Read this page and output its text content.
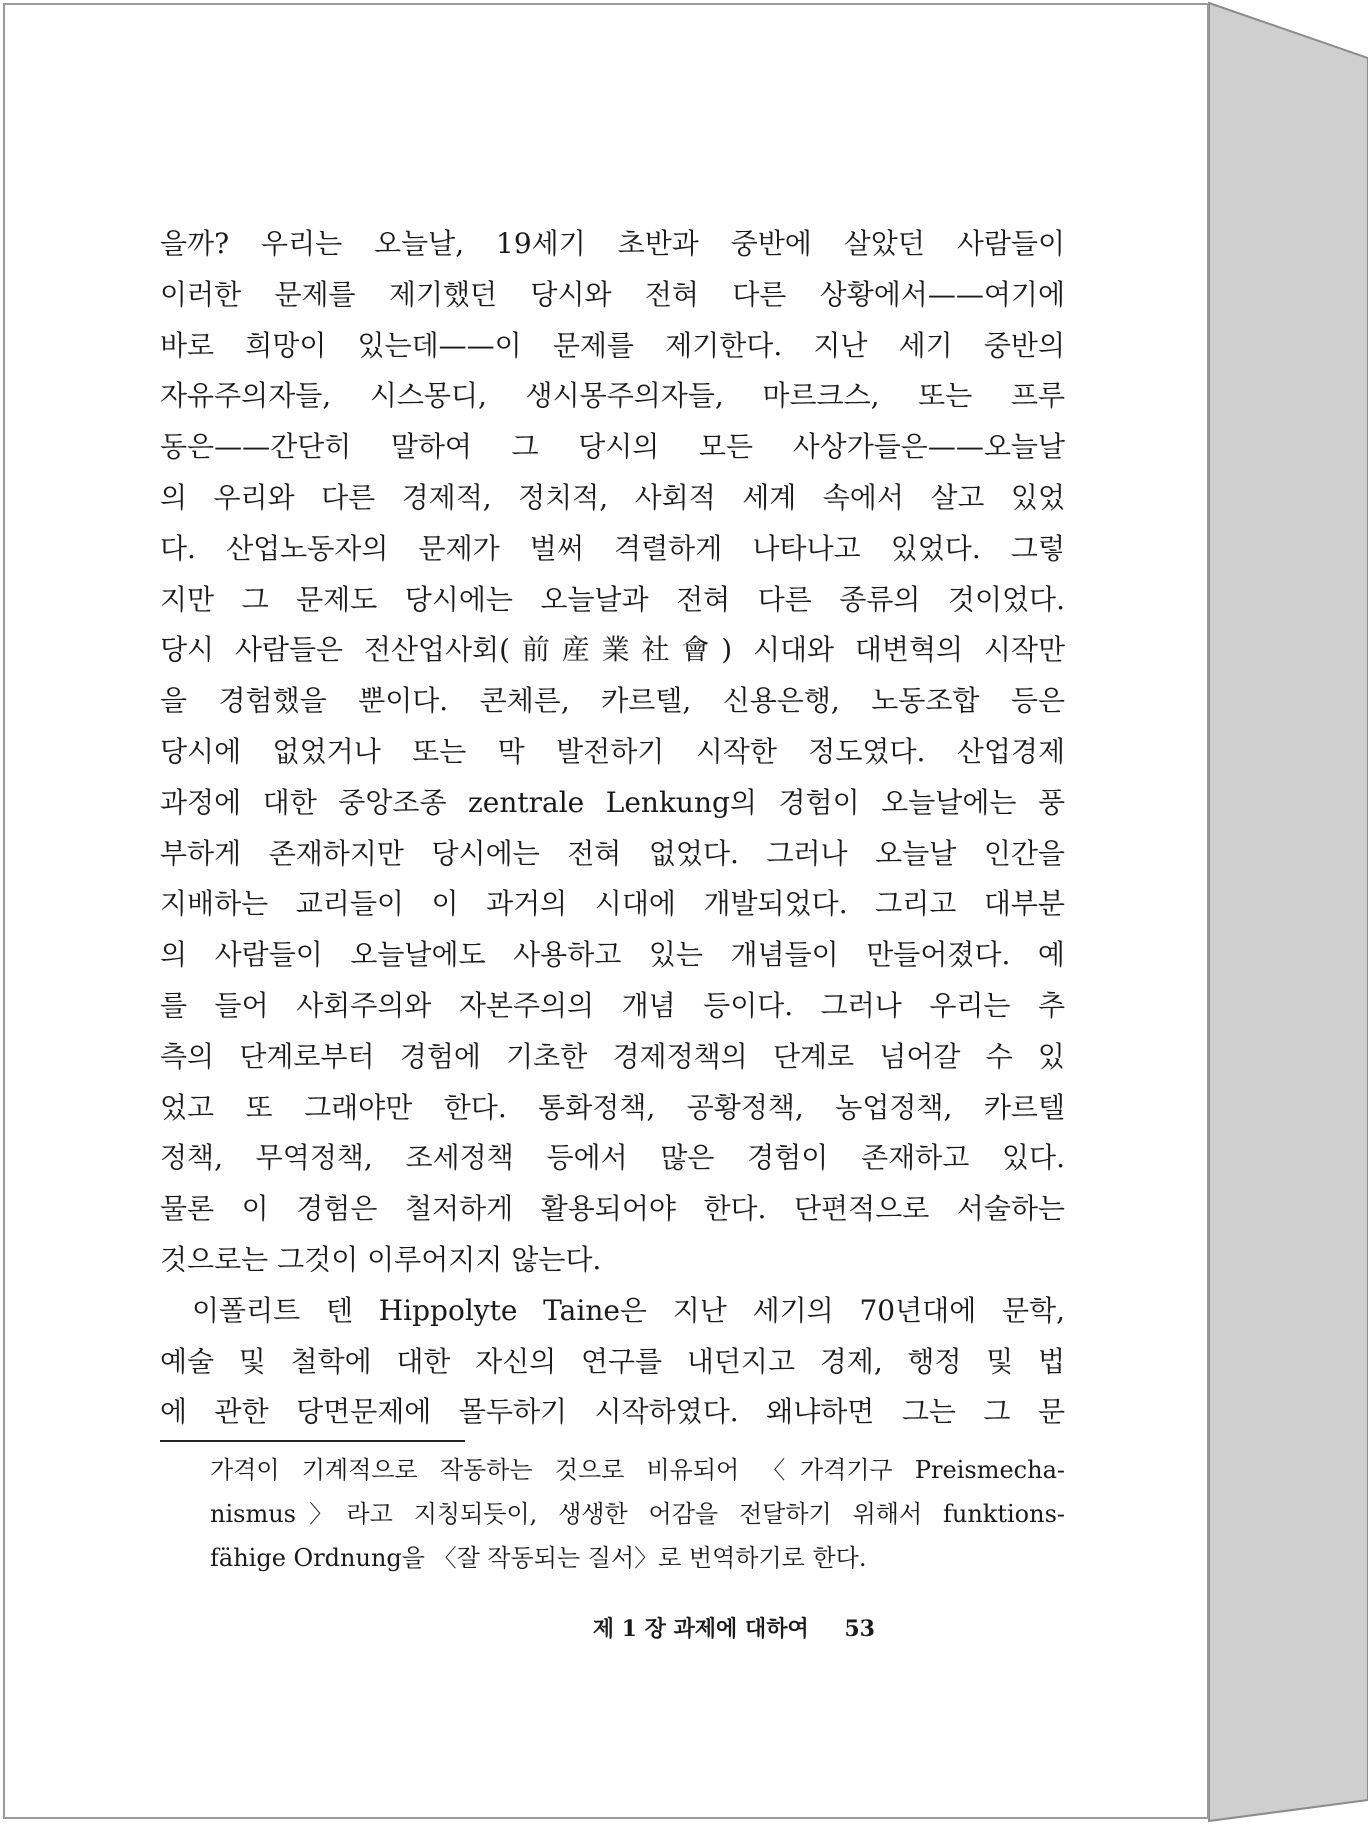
을까? 우리는 오늘날, 19세기 초반과 중반에 살았던 사람들이
이러한 문제를 제기했던 당시와 전혀 다른 상황에서——여기에
바로 희망이 있는데——이 문제를 제기한다. 지난 세기 중반의
자유주의자들, 시스몽디, 생시몽주의자들, 마르크스, 또는 프루
동은——간단히 말하여 그 당시의 모든 사상가들은——오늘날
의 우리와 다른 경제적, 정치적, 사회적 세계 속에서 살고 있었
다. 산업노동자의 문제가 벌써 격렬하게 나타나고 있었다. 그렇
지만 그 문제도 당시에는 오늘날과 전혀 다른 종류의 것이었다.
당시 사람들은 전산업사회(前産業社會) 시대와 대변혁의 시작만
을 경험했을 뿐이다. 콘체른, 카르텔, 신용은행, 노동조합 등은
당시에 없었거나 또는 막 발전하기 시작한 정도였다. 산업경제
과정에 대한 중앙조종 zentrale Lenkung의 경험이 오늘날에는 풍
부하게 존재하지만 당시에는 전혀 없었다. 그러나 오늘날 인간을
지배하는 교리들이 이 과거의 시대에 개발되었다. 그리고 대부분
의 사람들이 오늘날에도 사용하고 있는 개념들이 만들어졌다. 예
를 들어 사회주의와 자본주의의 개념 등이다. 그러나 우리는 추
측의 단계로부터 경험에 기초한 경제정책의 단계로 넘어갈 수 있
었고 또 그래야만 한다. 통화정책, 공황정책, 농업정책, 카르텔
정책, 무역정책, 조세정책 등에서 많은 경험이 존재하고 있다.
물론 이 경험은 철저하게 활용되어야 한다. 단편적으로 서술하는
것으로는 그것이 이루어지지 않는다.
이폴리트 텐 Hippolyte Taine은 지난 세기의 70년대에 문학,
예술 및 철학에 대한 자신의 연구를 내던지고 경제, 행정 및 법
에 관한 당면문제에 몰두하기 시작하였다. 왜냐하면 그는 그 문
가격이 기계적으로 작동하는 것으로 비유되어 〈가격기구 Preismecha-
nismus〉라고 지칭되듯이, 생생한 어감을 전달하기 위해서 funktions-
fähige Ordnung을 〈잘 작동되는 질서〉로 번역하기로 한다.
제 1 장 과제에 대하여 53
